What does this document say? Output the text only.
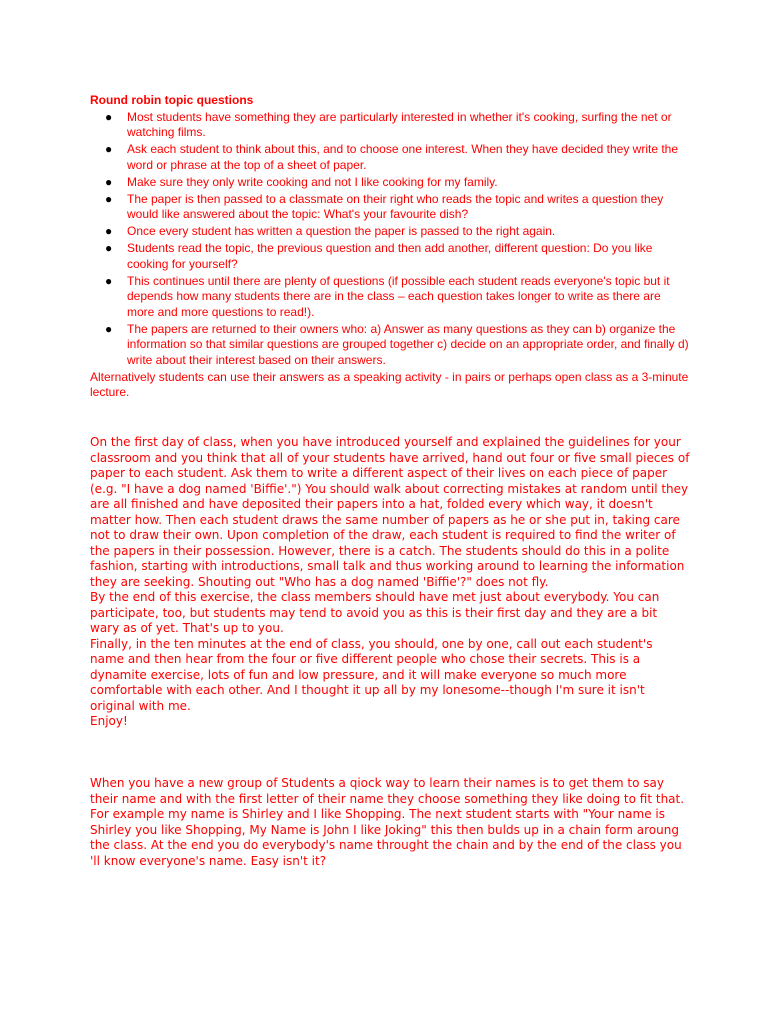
Round robin topic questions
● Most students have something they are particularly interested in whether it's cooking, surfing the net or watching films.
● Ask each student to think about this, and to choose one interest. When they have decided they write the word or phrase at the top of a sheet of paper.
● Make sure they only write cooking and not I like cooking for my family.
● The paper is then passed to a classmate on their right who reads the topic and writes a question they would like answered about the topic: What's your favourite dish?
● Once every student has written a question the paper is passed to the right again.
● Students read the topic, the previous question and then add another, different question: Do you like cooking for yourself?
● This continues until there are plenty of questions (if possible each student reads everyone's topic but it depends how many students there are in the class – each question takes longer to write as there are more and more questions to read!).
● The papers are returned to their owners who: a) Answer as many questions as they can b) organize the information so that similar questions are grouped together c) decide on an appropriate order, and finally d) write about their interest based on their answers.

Alternatively students can use their answers as a speaking activity - in pairs or perhaps open class as a 3-minute lecture.

On the first day of class, when you have introduced yourself and explained the guidelines for your classroom and you think that all of your students have arrived, hand out four or five small pieces of paper to each student. Ask them to write a different aspect of their lives on each piece of paper (e.g. "I have a dog named 'Biffie'.") You should walk about correcting mistakes at random until they are all finished and have deposited their papers into a hat, folded every which way, it doesn't matter how. Then each student draws the same number of papers as he or she put in, taking care not to draw their own. Upon completion of the draw, each student is required to find the writer of the papers in their possession. However, there is a catch. The students should do this in a polite fashion, starting with introductions, small talk and thus working around to learning the information they are seeking. Shouting out "Who has a dog named 'Biffie'?" does not fly.

By the end of this exercise, the class members should have met just about everybody. You can participate, too, but students may tend to avoid you as this is their first day and they are a bit wary as of yet. That's up to you.

Finally, in the ten minutes at the end of class, you should, one by one, call out each student's name and then hear from the four or five different people who chose their secrets. This is a dynamite exercise, lots of fun and low pressure, and it will make everyone so much more comfortable with each other. And I thought it up all by my lonesome--though I'm sure it isn't original with me.

Enjoy!

When you have a new group of Students a qiock way to learn their names is to get them to say their name and with the first letter of their name they choose something they like doing to fit that. For example my name is Shirley and I like Shopping. The next student starts with "Your name is Shirley you like Shopping, My Name is John I like Joking" this then bulds up in a chain form aroung the class. At the end you do everybody's name throught the chain and by the end of the class you 'll know everyone's name. Easy isn't it?
